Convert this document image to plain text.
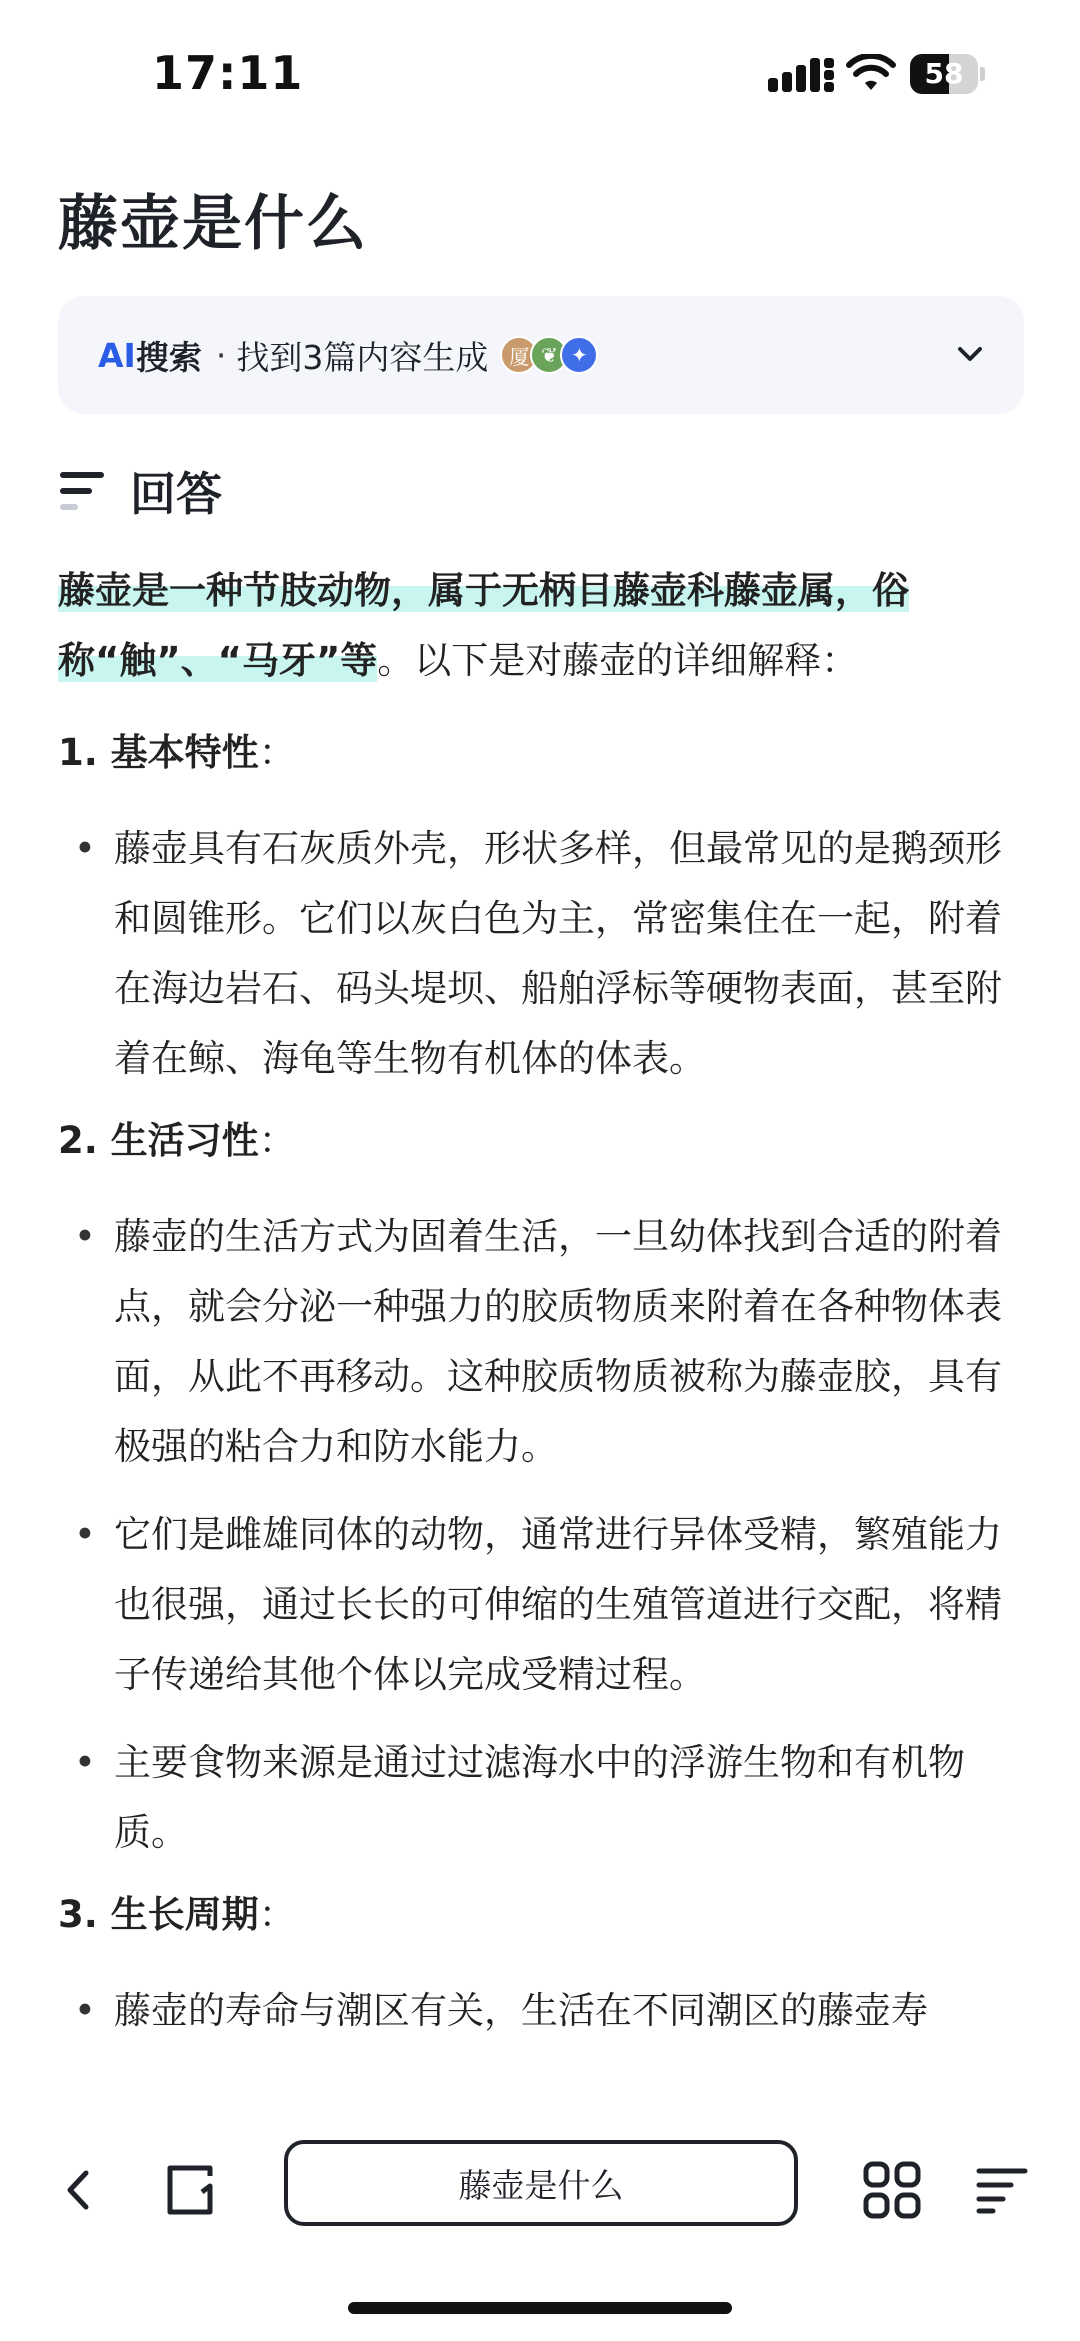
17:11	58
藤壶是什么
AI 搜索 · 找到3篇内容生成	厦 ❦ ✦
回答

藤壶是一种节肢动物，属于无柄目藤壶科藤壶属，俗称“触”、“马牙”等。以下是对藤壶的详细解释：

1. 基本特性：

• 藤壶具有石灰质外壳，形状多样，但最常见的是鹅颈形和圆锥形。它们以灰白色为主，常密集住在一起，附着在海边岩石、码头堤坝、船舶浮标等硬物表面，甚至附着在鲸、海龟等生物有机体的体表。

2. 生活习性：

• 藤壶的生活方式为固着生活，一旦幼体找到合适的附着点，就会分泌一种强力的胶质物质来附着在各种物体表面，从此不再移动。这种胶质物质被称为藤壶胶，具有极强的粘合力和防水能力。
• 它们是雌雄同体的动物，通常进行异体受精，繁殖能力也很强，通过长长的可伸缩的生殖管道进行交配，将精子传递给其他个体以完成受精过程。
• 主要食物来源是通过过滤海水中的浮游生物和有机物质。

3. 生长周期：

• 藤壶的寿命与潮区有关，生活在不同潮区的藤壶寿
藤壶是什么
